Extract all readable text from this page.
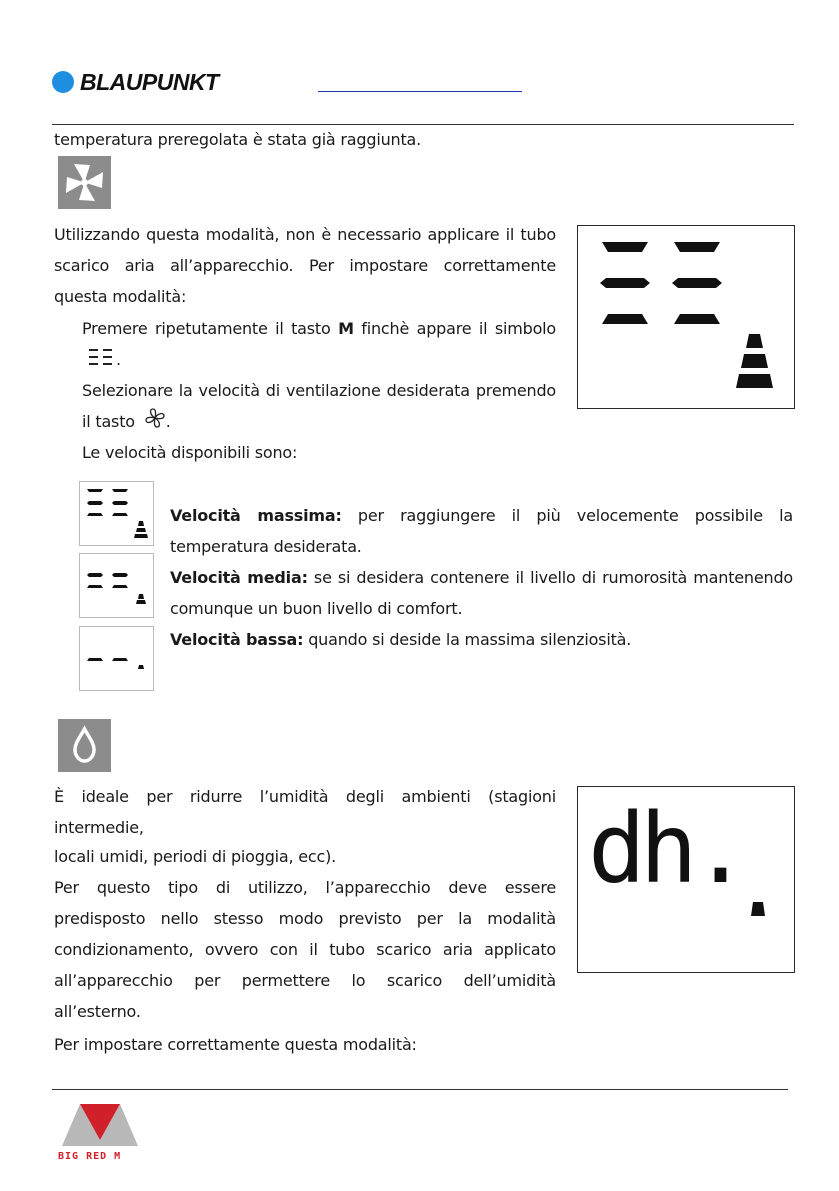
BLAUPUNKT
temperatura preregolata è stata già raggiunta.
Utilizzando questa modalità, non è necessario applicare il tubo scarico aria all’apparecchio. Per impostare correttamente questa modalità:
Premere ripetutamente il tasto M finchè appare il simbolo .
Selezionare la velocità di ventilazione desiderata premendo il tasto .
Le velocità disponibili sono:
Velocità massima: per raggiungere il più velocemente possibile la temperatura desiderata.
Velocità media: se si desidera contenere il livello di rumorosità mantenendo comunque un buon livello di comfort.
Velocità bassa: quando si deside la massima silenziosità.
È ideale per ridurre l’umidità degli ambienti (stagioni intermedie,
locali umidi, periodi di pioggia, ecc).
Per questo tipo di utilizzo, l’apparecchio deve essere predisposto nello stesso modo previsto per la modalità condizionamento, ovvero con il tubo scarico aria applicato all’apparecchio per permettere lo scarico dell’umidità all’esterno.
Per impostare correttamente questa modalità:
dh.
BIG RED M
